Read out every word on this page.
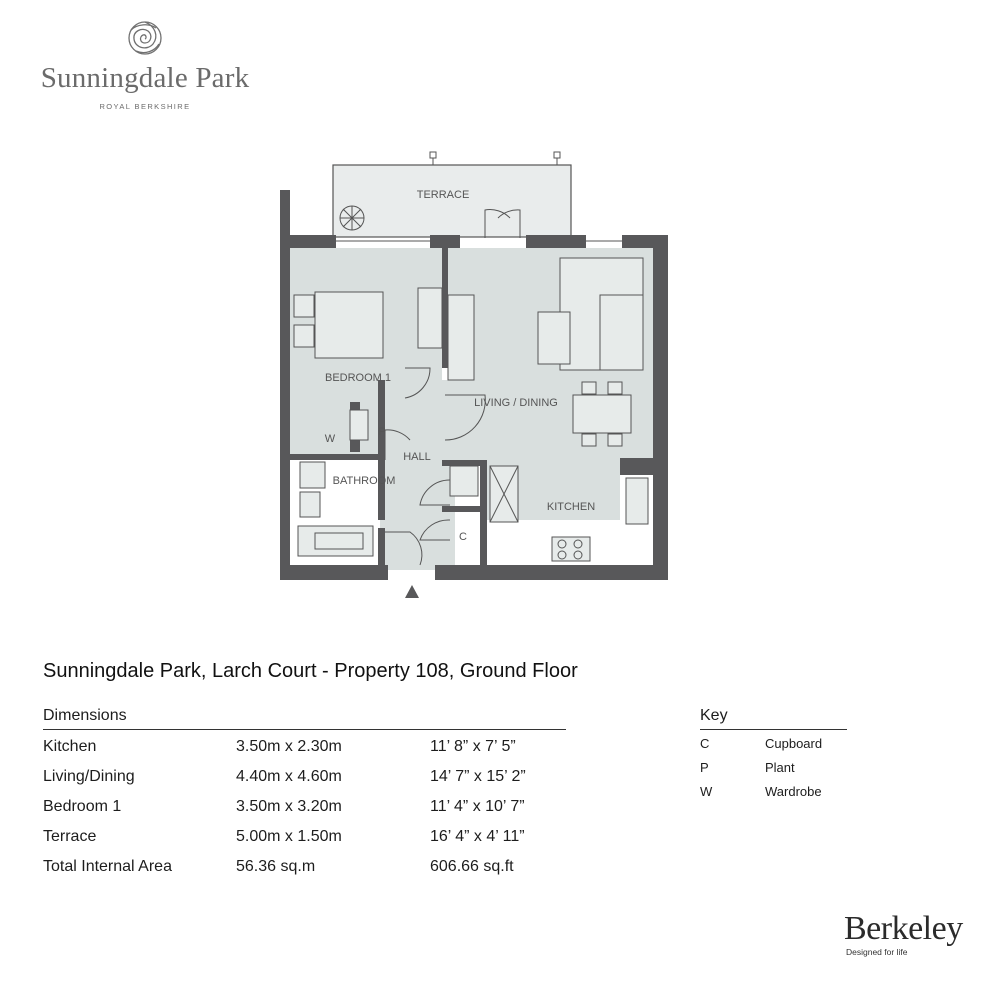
Sunningdale Park
ROYAL BERKSHIRE
TERRACE
BEDROOM 1
LIVING / DINING
HALL
BATHROOM
KITCHEN
W
P
C
Sunningdale Park, Larch Court - Property 108, Ground Floor
Dimensions
Kitchen	3.50m x 2.30m	11’ 8” x 7’ 5”
Living/Dining	4.40m x 4.60m	14’ 7” x 15’ 2”
Bedroom 1	3.50m x 3.20m	11’ 4” x 10’ 7”
Terrace	5.00m x 1.50m	16’ 4” x 4’ 11”
Total Internal Area	56.36 sq.m	606.66 sq.ft
Key
C	Cupboard
P	Plant
W	Wardrobe
Berkeley
Designed for life
